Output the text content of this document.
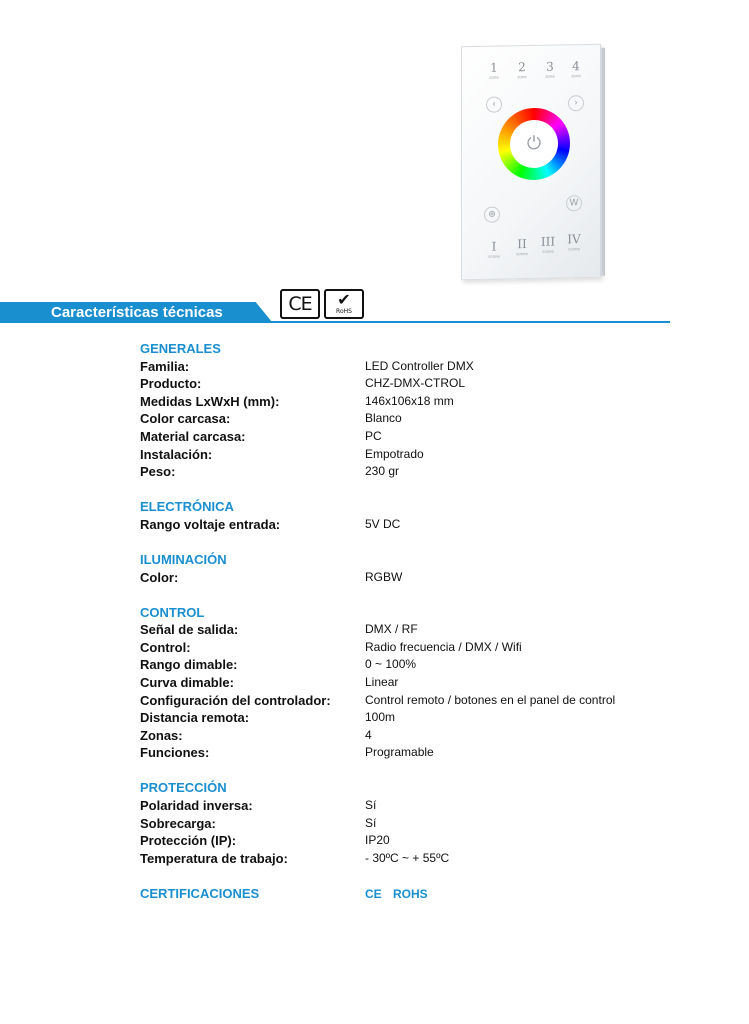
1
zone
2
zone
3
zone
4
zone
‹	›
⏻
⊛
W
I
scene
II
scene
III
scene
IV
scene
Características técnicas	CE	✔
RoHS
GENERALES
Familia:	LED Controller DMX
Producto:	CHZ-DMX-CTROL
Medidas LxWxH (mm):	146x106x18 mm
Color carcasa:	Blanco
Material carcasa:	PC
Instalación:	Empotrado
Peso:	230 gr
ELECTRÓNICA
Rango voltaje entrada:	5V DC
ILUMINACIÓN
Color:	RGBW
CONTROL
Señal de salida:	DMX / RF
Control:	Radio frecuencia / DMX / Wifi
Rango dimable:	0 ~ 100%
Curva dimable:	Linear
Configuración del controlador:	Control remoto / botones en el panel de control
Distancia remota:	100m
Zonas:	4
Funciones:	Programable
PROTECCIÓN
Polaridad inversa:	Sí
Sobrecarga:	Sí
Protección (IP):	IP20
Temperatura de trabajo:	- 30ºC ~ + 55ºC
CERTIFICACIONES	CE ROHS
